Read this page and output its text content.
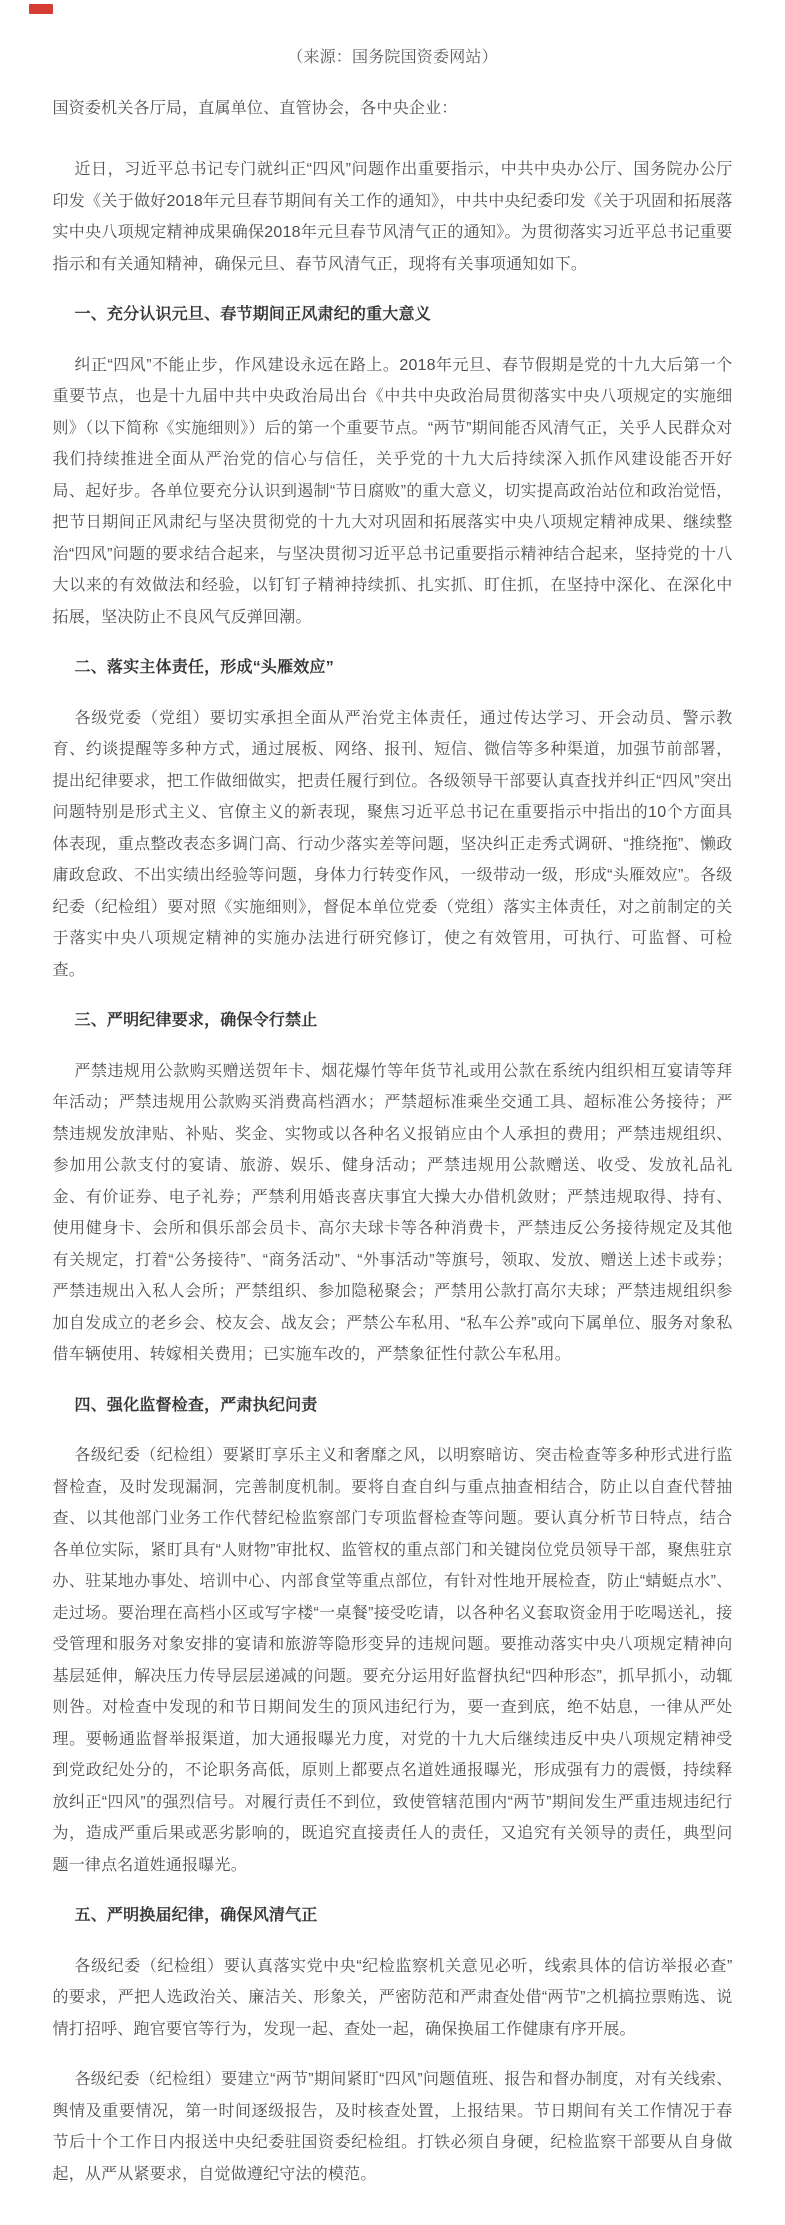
（来源：国务院国资委网站）

国资委机关各厅局，直属单位、直管协会，各中央企业：

近日，习近平总书记专门就纠正“四风”问题作出重要指示，中共中央办公厅、国务院办公厅印发《关于做好2018年元旦春节期间有关工作的通知》，中共中央纪委印发《关于巩固和拓展落实中央八项规定精神成果确保2018年元旦春节风清气正的通知》。为贯彻落实习近平总书记重要指示和有关通知精神，确保元旦、春节风清气正，现将有关事项通知如下。

一、充分认识元旦、春节期间正风肃纪的重大意义

纠正“四风”不能止步，作风建设永远在路上。2018年元旦、春节假期是党的十九大后第一个重要节点，也是十九届中共中央政治局出台《中共中央政治局贯彻落实中央八项规定的实施细则》（以下简称《实施细则》）后的第一个重要节点。“两节”期间能否风清气正，关乎人民群众对我们持续推进全面从严治党的信心与信任，关乎党的十九大后持续深入抓作风建设能否开好局、起好步。各单位要充分认识到遏制“节日腐败”的重大意义，切实提高政治站位和政治觉悟，把节日期间正风肃纪与坚决贯彻党的十九大对巩固和拓展落实中央八项规定精神成果、继续整治“四风”问题的要求结合起来，与坚决贯彻习近平总书记重要指示精神结合起来，坚持党的十八大以来的有效做法和经验，以钉钉子精神持续抓、扎实抓、盯住抓，在坚持中深化、在深化中拓展，坚决防止不良风气反弹回潮。

二、落实主体责任，形成“头雁效应”

各级党委（党组）要切实承担全面从严治党主体责任，通过传达学习、开会动员、警示教育、约谈提醒等多种方式，通过展板、网络、报刊、短信、微信等多种渠道，加强节前部署，提出纪律要求，把工作做细做实，把责任履行到位。各级领导干部要认真查找并纠正“四风”突出问题特别是形式主义、官僚主义的新表现，聚焦习近平总书记在重要指示中指出的10个方面具体表现，重点整改表态多调门高、行动少落实差等问题，坚决纠正走秀式调研、“推绕拖”、懒政庸政怠政、不出实绩出经验等问题，身体力行转变作风，一级带动一级，形成“头雁效应”。各级纪委（纪检组）要对照《实施细则》，督促本单位党委（党组）落实主体责任，对之前制定的关于落实中央八项规定精神的实施办法进行研究修订，使之有效管用，可执行、可监督、可检查。

三、严明纪律要求，确保令行禁止

严禁违规用公款购买赠送贺年卡、烟花爆竹等年货节礼或用公款在系统内组织相互宴请等拜年活动；严禁违规用公款购买消费高档酒水；严禁超标准乘坐交通工具、超标准公务接待；严禁违规发放津贴、补贴、奖金、实物或以各种名义报销应由个人承担的费用；严禁违规组织、参加用公款支付的宴请、旅游、娱乐、健身活动；严禁违规用公款赠送、收受、发放礼品礼金、有价证券、电子礼券；严禁利用婚丧喜庆事宜大操大办借机敛财；严禁违规取得、持有、使用健身卡、会所和俱乐部会员卡、高尔夫球卡等各种消费卡，严禁违反公务接待规定及其他有关规定，打着“公务接待”、“商务活动”、“外事活动”等旗号，领取、发放、赠送上述卡或券；严禁违规出入私人会所；严禁组织、参加隐秘聚会；严禁用公款打高尔夫球；严禁违规组织参加自发成立的老乡会、校友会、战友会；严禁公车私用、“私车公养”或向下属单位、服务对象私借车辆使用、转嫁相关费用；已实施车改的，严禁象征性付款公车私用。

四、强化监督检查，严肃执纪问责

各级纪委（纪检组）要紧盯享乐主义和奢靡之风，以明察暗访、突击检查等多种形式进行监督检查，及时发现漏洞，完善制度机制。要将自查自纠与重点抽查相结合，防止以自查代替抽查、以其他部门业务工作代替纪检监察部门专项监督检查等问题。要认真分析节日特点，结合各单位实际，紧盯具有“人财物”审批权、监管权的重点部门和关键岗位党员领导干部，聚焦驻京办、驻某地办事处、培训中心、内部食堂等重点部位，有针对性地开展检查，防止“蜻蜓点水”、走过场。要治理在高档小区或写字楼“一桌餐”接受吃请，以各种名义套取资金用于吃喝送礼，接受管理和服务对象安排的宴请和旅游等隐形变异的违规问题。要推动落实中央八项规定精神向基层延伸，解决压力传导层层递减的问题。要充分运用好监督执纪“四种形态”，抓早抓小，动辄则咎。对检查中发现的和节日期间发生的顶风违纪行为，要一查到底，绝不姑息，一律从严处理。要畅通监督举报渠道，加大通报曝光力度，对党的十九大后继续违反中央八项规定精神受到党政纪处分的，不论职务高低，原则上都要点名道姓通报曝光，形成强有力的震慑，持续释放纠正“四风”的强烈信号。对履行责任不到位，致使管辖范围内“两节”期间发生严重违规违纪行为，造成严重后果或恶劣影响的，既追究直接责任人的责任，又追究有关领导的责任，典型问题一律点名道姓通报曝光。

五、严明换届纪律，确保风清气正

各级纪委（纪检组）要认真落实党中央“纪检监察机关意见必听，线索具体的信访举报必查”的要求，严把人选政治关、廉洁关、形象关，严密防范和严肃查处借“两节”之机搞拉票贿选、说情打招呼、跑官要官等行为，发现一起、查处一起，确保换届工作健康有序开展。

各级纪委（纪检组）要建立“两节”期间紧盯“四风”问题值班、报告和督办制度，对有关线索、舆情及重要情况，第一时间逐级报告，及时核查处置，上报结果。节日期间有关工作情况于春节后十个工作日内报送中央纪委驻国资委纪检组。打铁必须自身硬，纪检监察干部要从自身做起，从严从紧要求，自觉做遵纪守法的模范。
